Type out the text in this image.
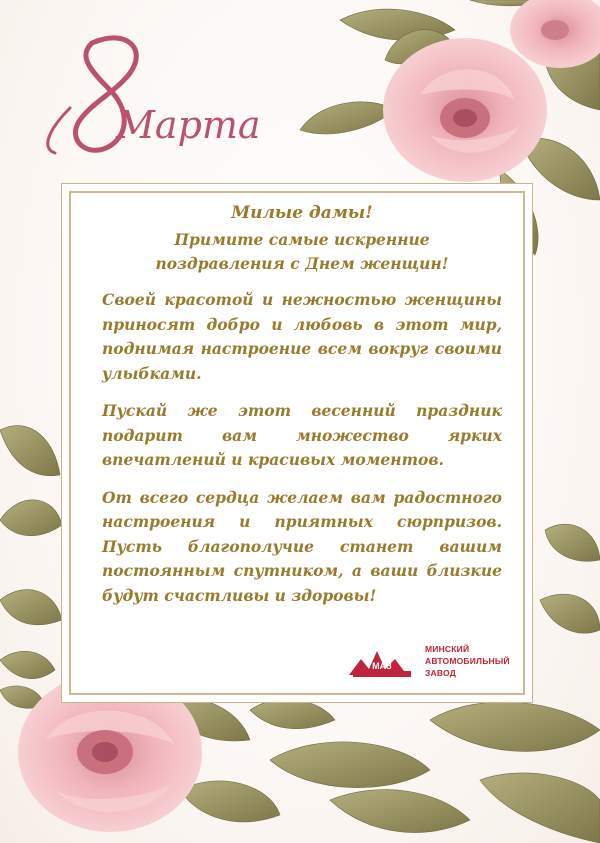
Марта
Милые дамы!
Примите самые искренние
поздравления с Днем женщин!

Своей красотой и нежностью женщины приносят добро и любовь в этот мир, поднимая настроение всем вокруг своими улыбками.

Пускай же этот весенний праздник подарит вам множество ярких впечатлений и красивых моментов.

От всего сердца желаем вам радостного настроения и приятных сюрпризов. Пусть благополучие станет вашим постоянным спутником, а ваши близкие будут счастливы и здоровы!

МАЗ
МИНСКИЙ
АВТОМОБИЛЬНЫЙ
ЗАВОД
